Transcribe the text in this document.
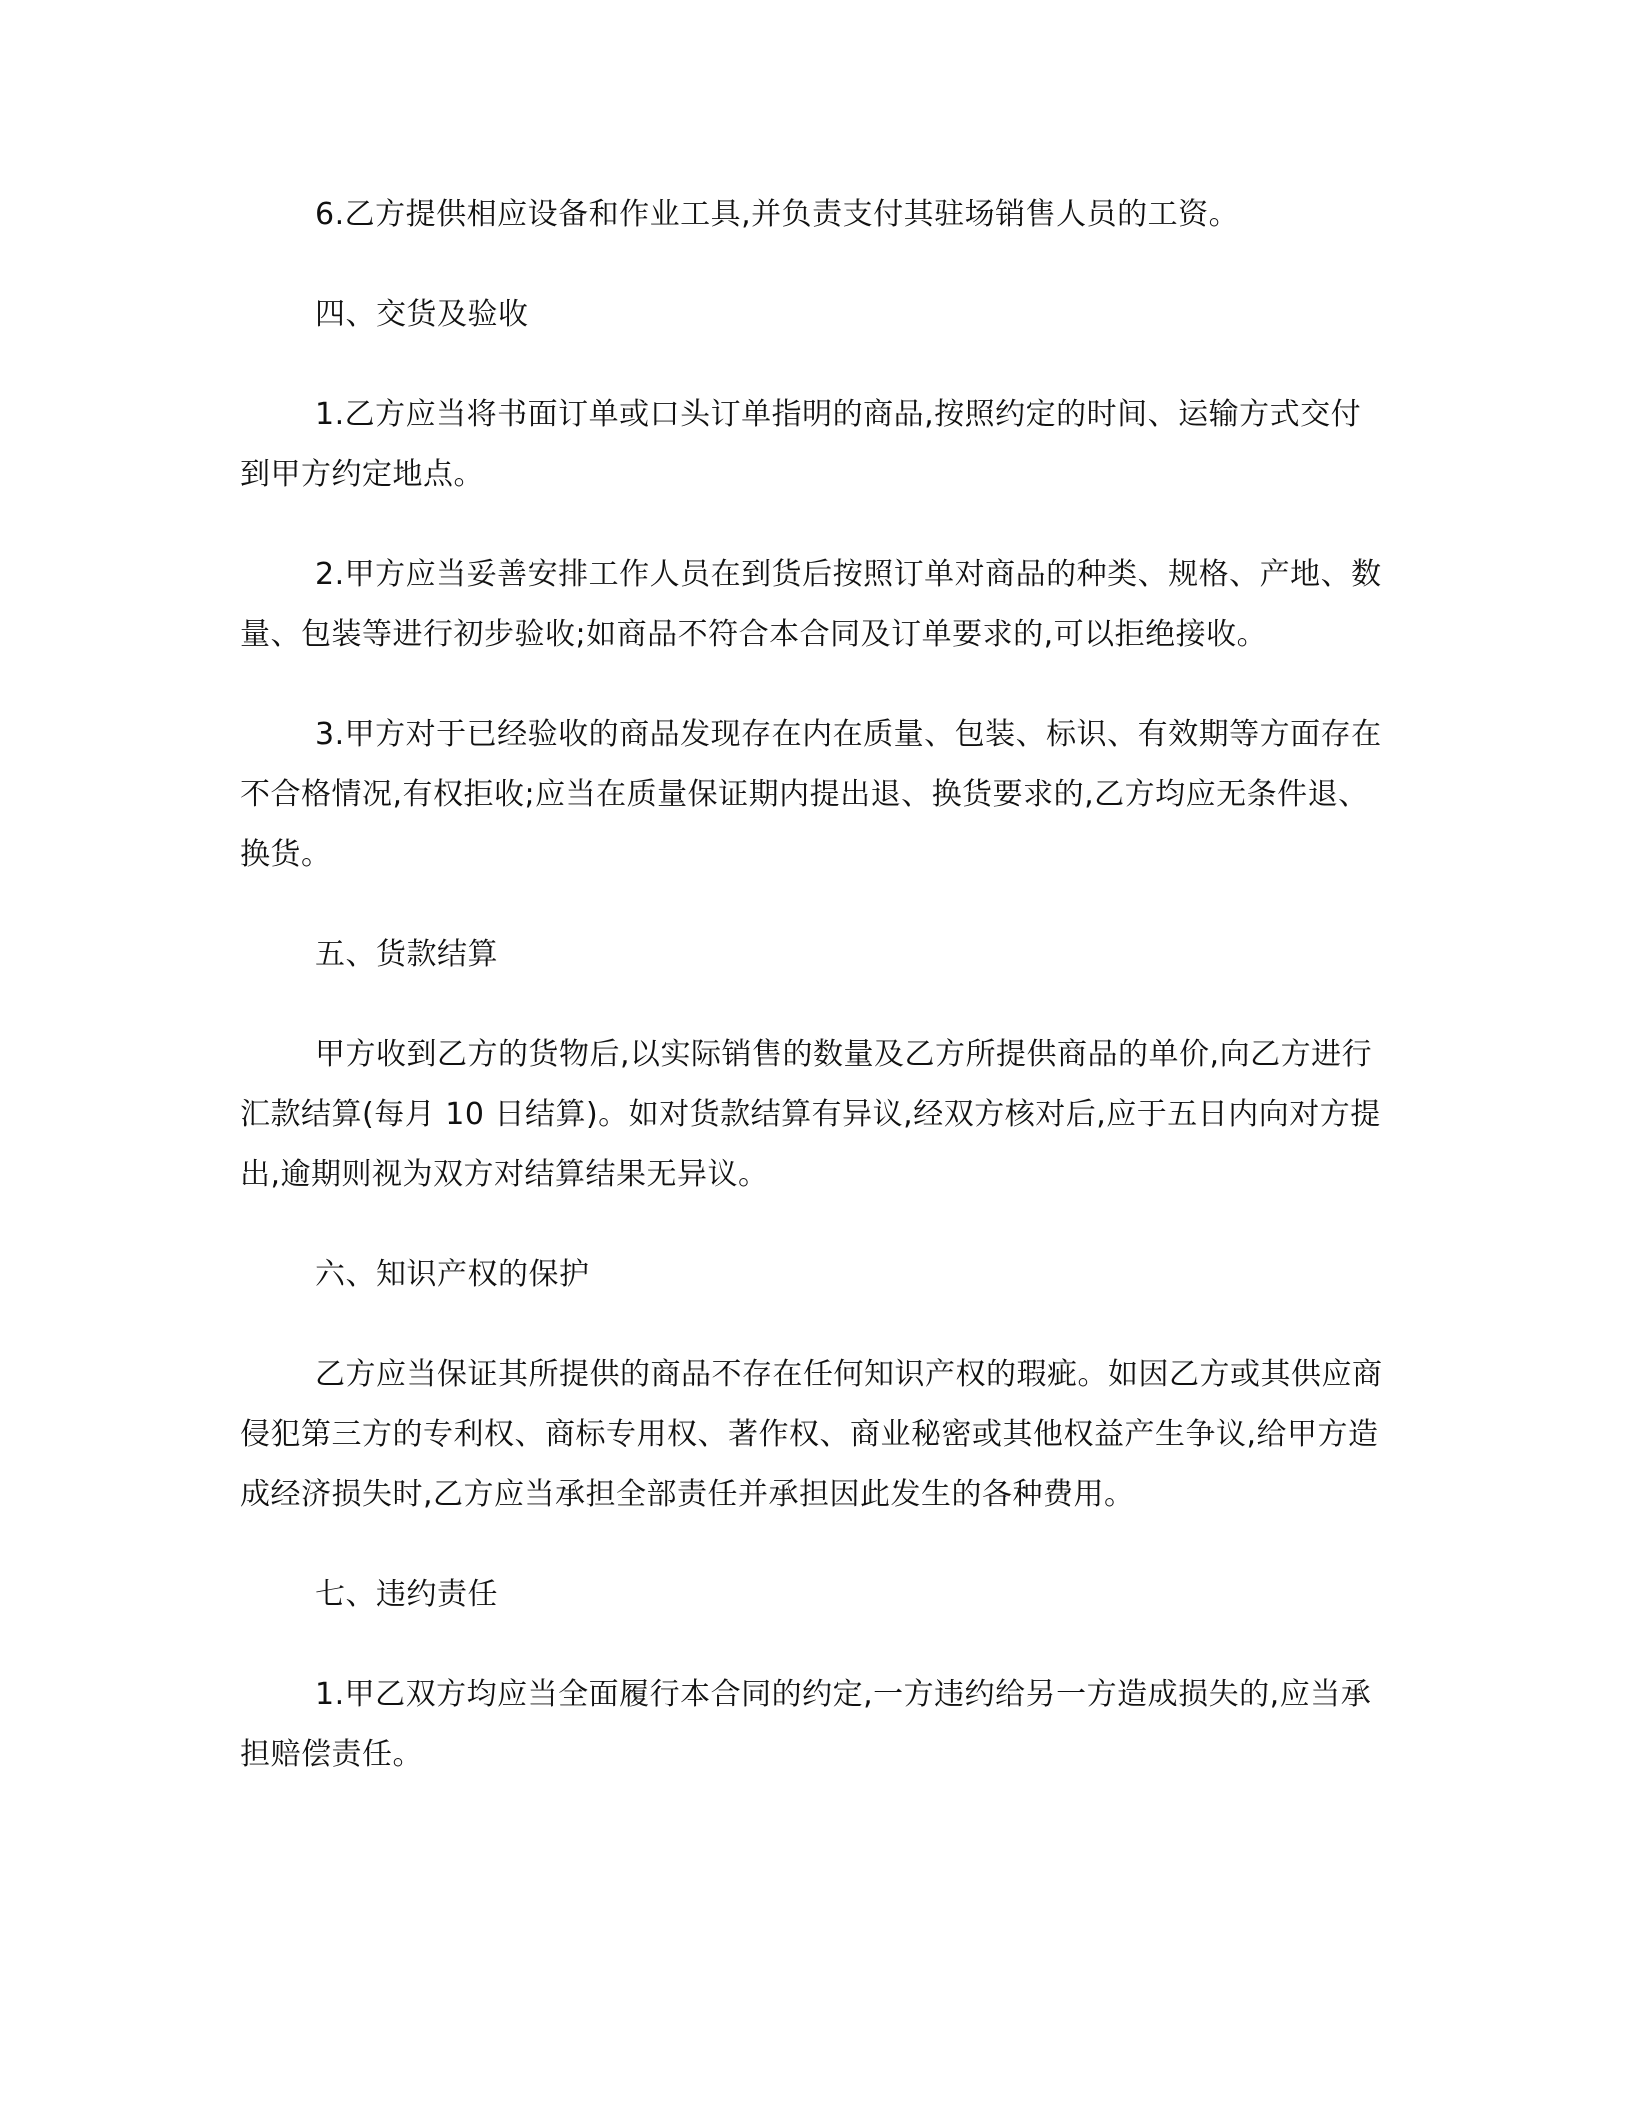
6.乙方提供相应设备和作业工具,并负责支付其驻场销售人员的工资。

四、交货及验收

1.乙方应当将书面订单或口头订单指明的商品,按照约定的时间、运输方式交付到甲方约定地点。

2.甲方应当妥善安排工作人员在到货后按照订单对商品的种类、规格、产地、数量、包装等进行初步验收;如商品不符合本合同及订单要求的,可以拒绝接收。

3.甲方对于已经验收的商品发现存在内在质量、包装、标识、有效期等方面存在不合格情况,有权拒收;应当在质量保证期内提出退、换货要求的,乙方均应无条件退、换货。

五、货款结算

甲方收到乙方的货物后,以实际销售的数量及乙方所提供商品的单价,向乙方进行汇款结算(每月 10 日结算)。如对货款结算有异议,经双方核对后,应于五日内向对方提出,逾期则视为双方对结算结果无异议。

六、知识产权的保护

乙方应当保证其所提供的商品不存在任何知识产权的瑕疵。如因乙方或其供应商侵犯第三方的专利权、商标专用权、著作权、商业秘密或其他权益产生争议,给甲方造成经济损失时,乙方应当承担全部责任并承担因此发生的各种费用。

七、违约责任

1.甲乙双方均应当全面履行本合同的约定,一方违约给另一方造成损失的,应当承担赔偿责任。
